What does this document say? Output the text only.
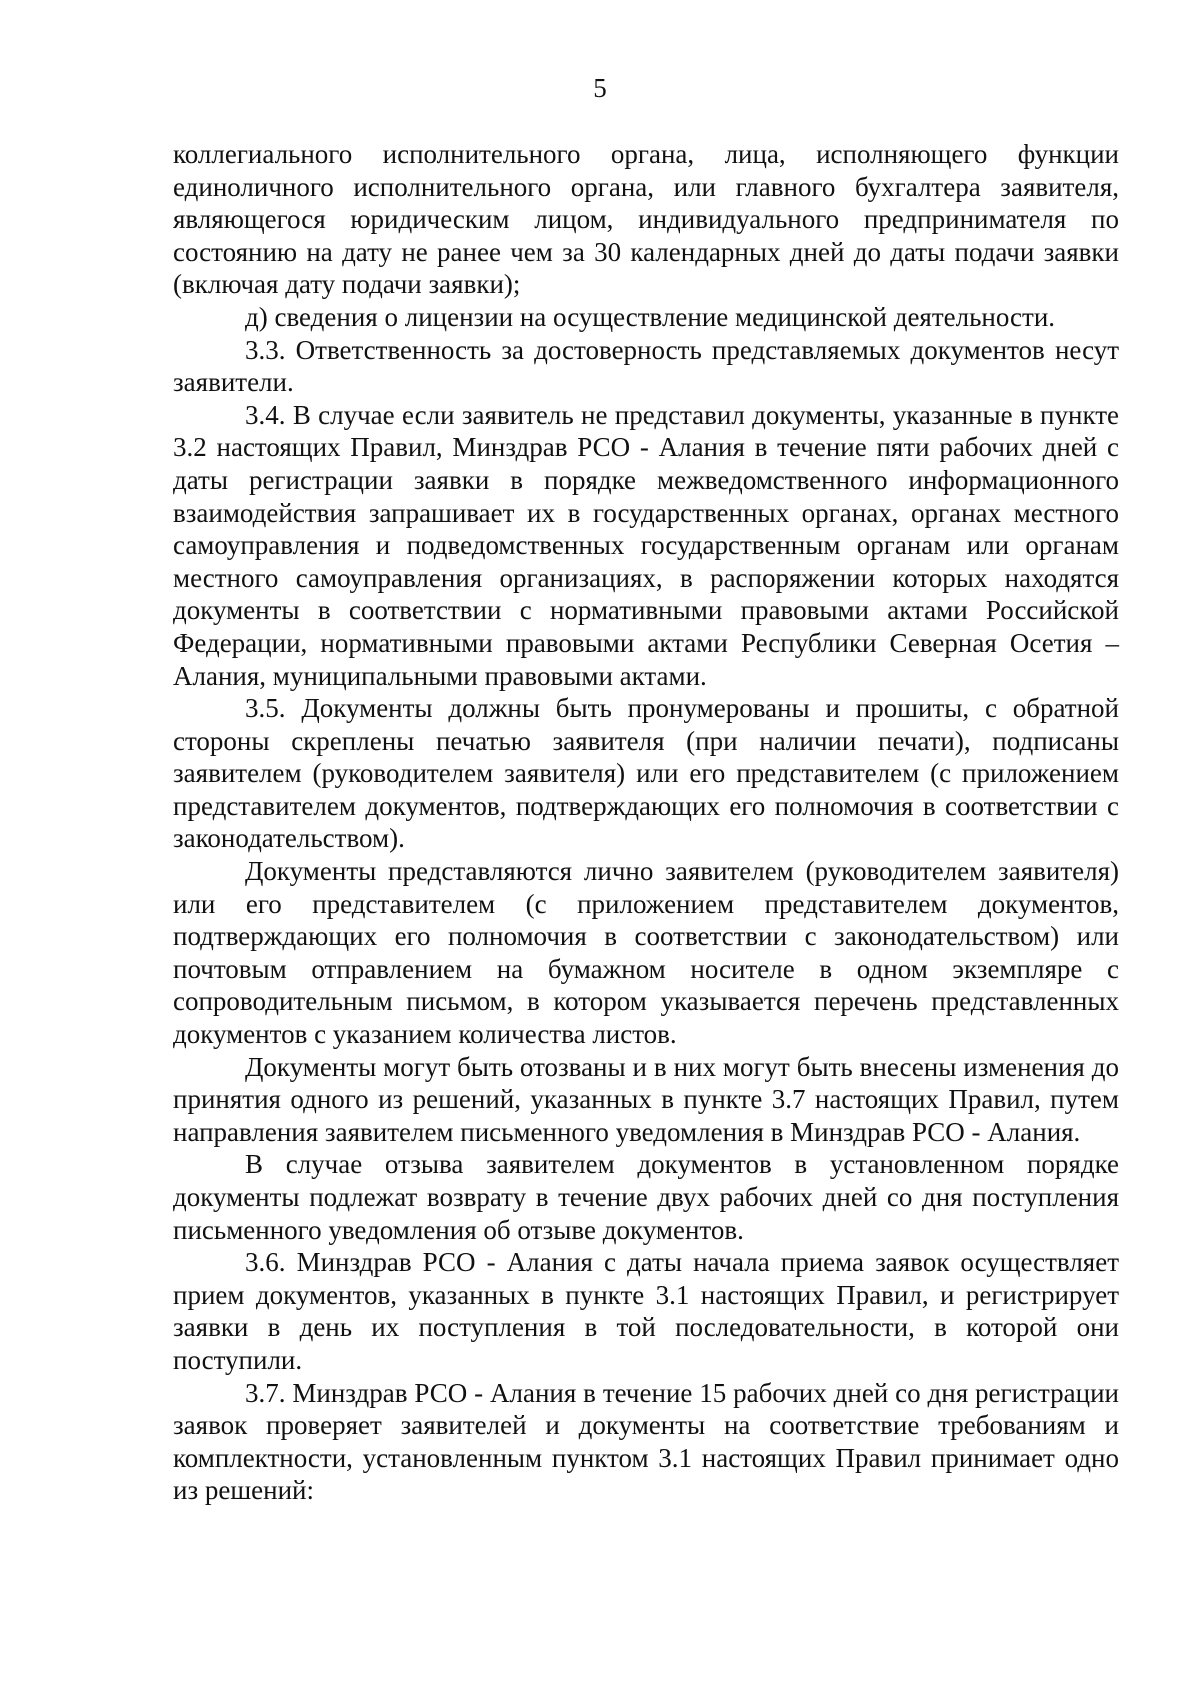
5

коллегиального исполнительного органа, лица, исполняющего функции единоличного исполнительного органа, или главного бухгалтера заявителя, являющегося юридическим лицом, индивидуального предпринимателя по состоянию на дату не ранее чем за 30 календарных дней до даты подачи заявки (включая дату подачи заявки);

д) сведения о лицензии на осуществление медицинской деятельности.

3.3. Ответственность за достоверность представляемых документов несут заявители.

3.4. В случае если заявитель не представил документы, указанные в пункте 3.2 настоящих Правил, Минздрав РСО - Алания в течение пяти рабочих дней с даты регистрации заявки в порядке межведомственного информационного взаимодействия запрашивает их в государственных органах, органах местного самоуправления и подведомственных государственным органам или органам местного самоуправления организациях, в распоряжении которых находятся документы в соответствии с нормативными правовыми актами Российской Федерации, нормативными правовыми актами Республики Северная Осетия – Алания, муниципальными правовыми актами.

3.5. Документы должны быть пронумерованы и прошиты, с обратной стороны скреплены печатью заявителя (при наличии печати), подписаны заявителем (руководителем заявителя) или его представителем (с приложением представителем документов, подтверждающих его полномочия в соответствии с законодательством).

Документы представляются лично заявителем (руководителем заявителя) или его представителем (с приложением представителем документов, подтверждающих его полномочия в соответствии с законодательством) или почтовым отправлением на бумажном носителе в одном экземпляре с сопроводительным письмом, в котором указывается перечень представленных документов с указанием количества листов.

Документы могут быть отозваны и в них могут быть внесены изменения до принятия одного из решений, указанных в пункте 3.7 настоящих Правил, путем направления заявителем письменного уведомления в Минздрав РСО - Алания.

В случае отзыва заявителем документов в установленном порядке документы подлежат возврату в течение двух рабочих дней со дня поступления письменного уведомления об отзыве документов.

3.6. Минздрав РСО - Алания с даты начала приема заявок осуществляет прием документов, указанных в пункте 3.1 настоящих Правил, и регистрирует заявки в день их поступления в той последовательности, в которой они поступили.

3.7. Минздрав РСО - Алания в течение 15 рабочих дней со дня регистрации заявок проверяет заявителей и документы на соответствие требованиям и комплектности, установленным пунктом 3.1 настоящих Правил принимает одно из решений:
